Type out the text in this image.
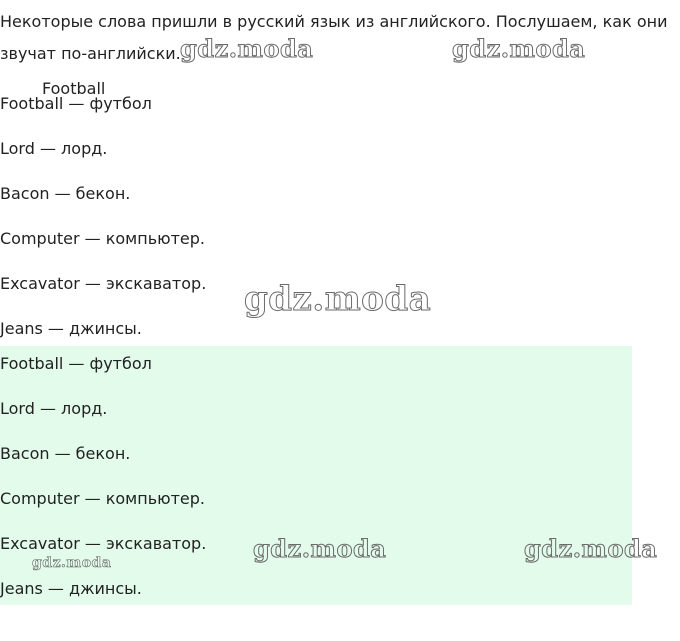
Некоторые слова пришли в русский язык из английского. Послушаем, как они звучат по-английски.

Football

Football — футбол

Lord — лорд.

Bacon — бекон.

Computer — компьютер.

Excavator — экскаватор.

Jeans — джинсы.

Football — футбол

Lord — лорд.

Bacon — бекон.

Computer — компьютер.

Excavator — экскаватор.

Jeans — джинсы.

gdz.moda	gdz.moda
gdz.moda
